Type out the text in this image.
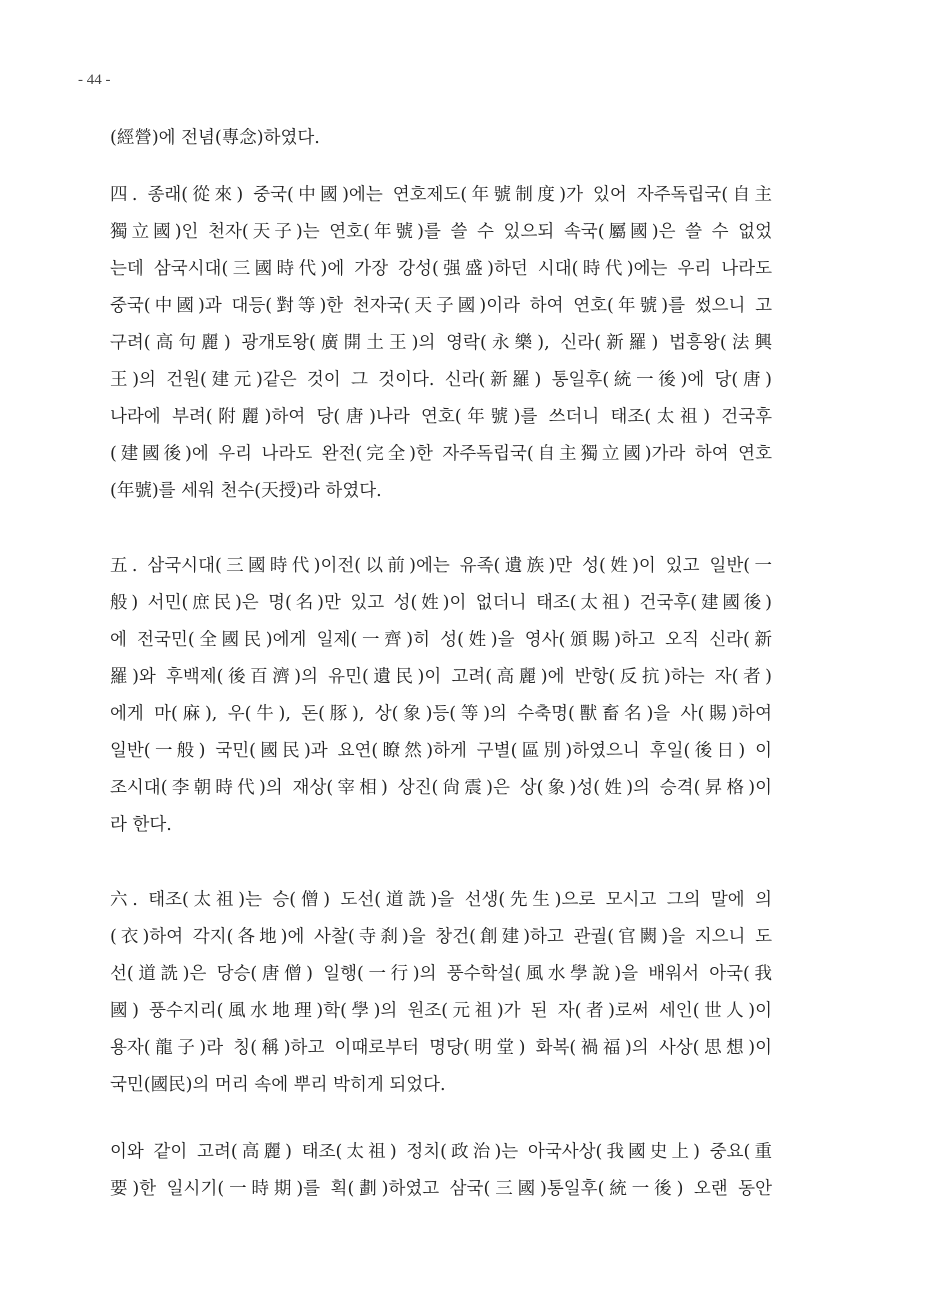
- 44 -
(經營)에 전념(專念)하였다.
四. 종래(從來) 중국(中國)에는 연호제도(年號制度)가 있어 자주독립국(自主
獨立國)인 천자(天子)는 연호(年號)를 쓸 수 있으되 속국(屬國)은 쓸 수 없었
는데 삼국시대(三國時代)에 가장 강성(强盛)하던 시대(時代)에는 우리 나라도
중국(中國)과 대등(對等)한 천자국(天子國)이라 하여 연호(年號)를 썼으니 고
구려(高句麗) 광개토왕(廣開土王)의 영락(永樂), 신라(新羅) 법흥왕(法興
王)의 건원(建元)같은 것이 그 것이다. 신라(新羅) 통일후(統一後)에 당(唐)
나라에 부려(附麗)하여 당(唐)나라 연호(年號)를 쓰더니 태조(太祖) 건국후
(建國後)에 우리 나라도 완전(完全)한 자주독립국(自主獨立國)가라 하여 연호
(年號)를 세워 천수(天授)라 하였다.
五. 삼국시대(三國時代)이전(以前)에는 유족(遺族)만 성(姓)이 있고 일반(一
般) 서민(庶民)은 명(名)만 있고 성(姓)이 없더니 태조(太祖) 건국후(建國後)
에 전국민(全國民)에게 일제(一齊)히 성(姓)을 영사(頒賜)하고 오직 신라(新
羅)와 후백제(後百濟)의 유민(遺民)이 고려(高麗)에 반항(反抗)하는 자(者)
에게 마(麻), 우(牛), 돈(豚), 상(象)등(等)의 수축명(獸畜名)을 사(賜)하여
일반(一般) 국민(國民)과 요연(瞭然)하게 구별(區別)하였으니 후일(後日) 이
조시대(李朝時代)의 재상(宰相) 상진(尙震)은 상(象)성(姓)의 승격(昇格)이
라 한다.
六. 태조(太祖)는 승(僧) 도선(道詵)을 선생(先生)으로 모시고 그의 말에 의
(衣)하여 각지(各地)에 사찰(寺刹)을 창건(創建)하고 관궐(官闕)을 지으니 도
선(道詵)은 당승(唐僧) 일행(一行)의 풍수학설(風水學說)을 배워서 아국(我
國) 풍수지리(風水地理)학(學)의 원조(元祖)가 된 자(者)로써 세인(世人)이
용자(龍子)라 칭(稱)하고 이때로부터 명당(明堂) 화복(禍福)의 사상(思想)이
국민(國民)의 머리 속에 뿌리 박히게 되었다.
이와 같이 고려(高麗) 태조(太祖) 정치(政治)는 아국사상(我國史上) 중요(重
要)한 일시기(一時期)를 획(劃)하였고 삼국(三國)통일후(統一後) 오랜 동안
